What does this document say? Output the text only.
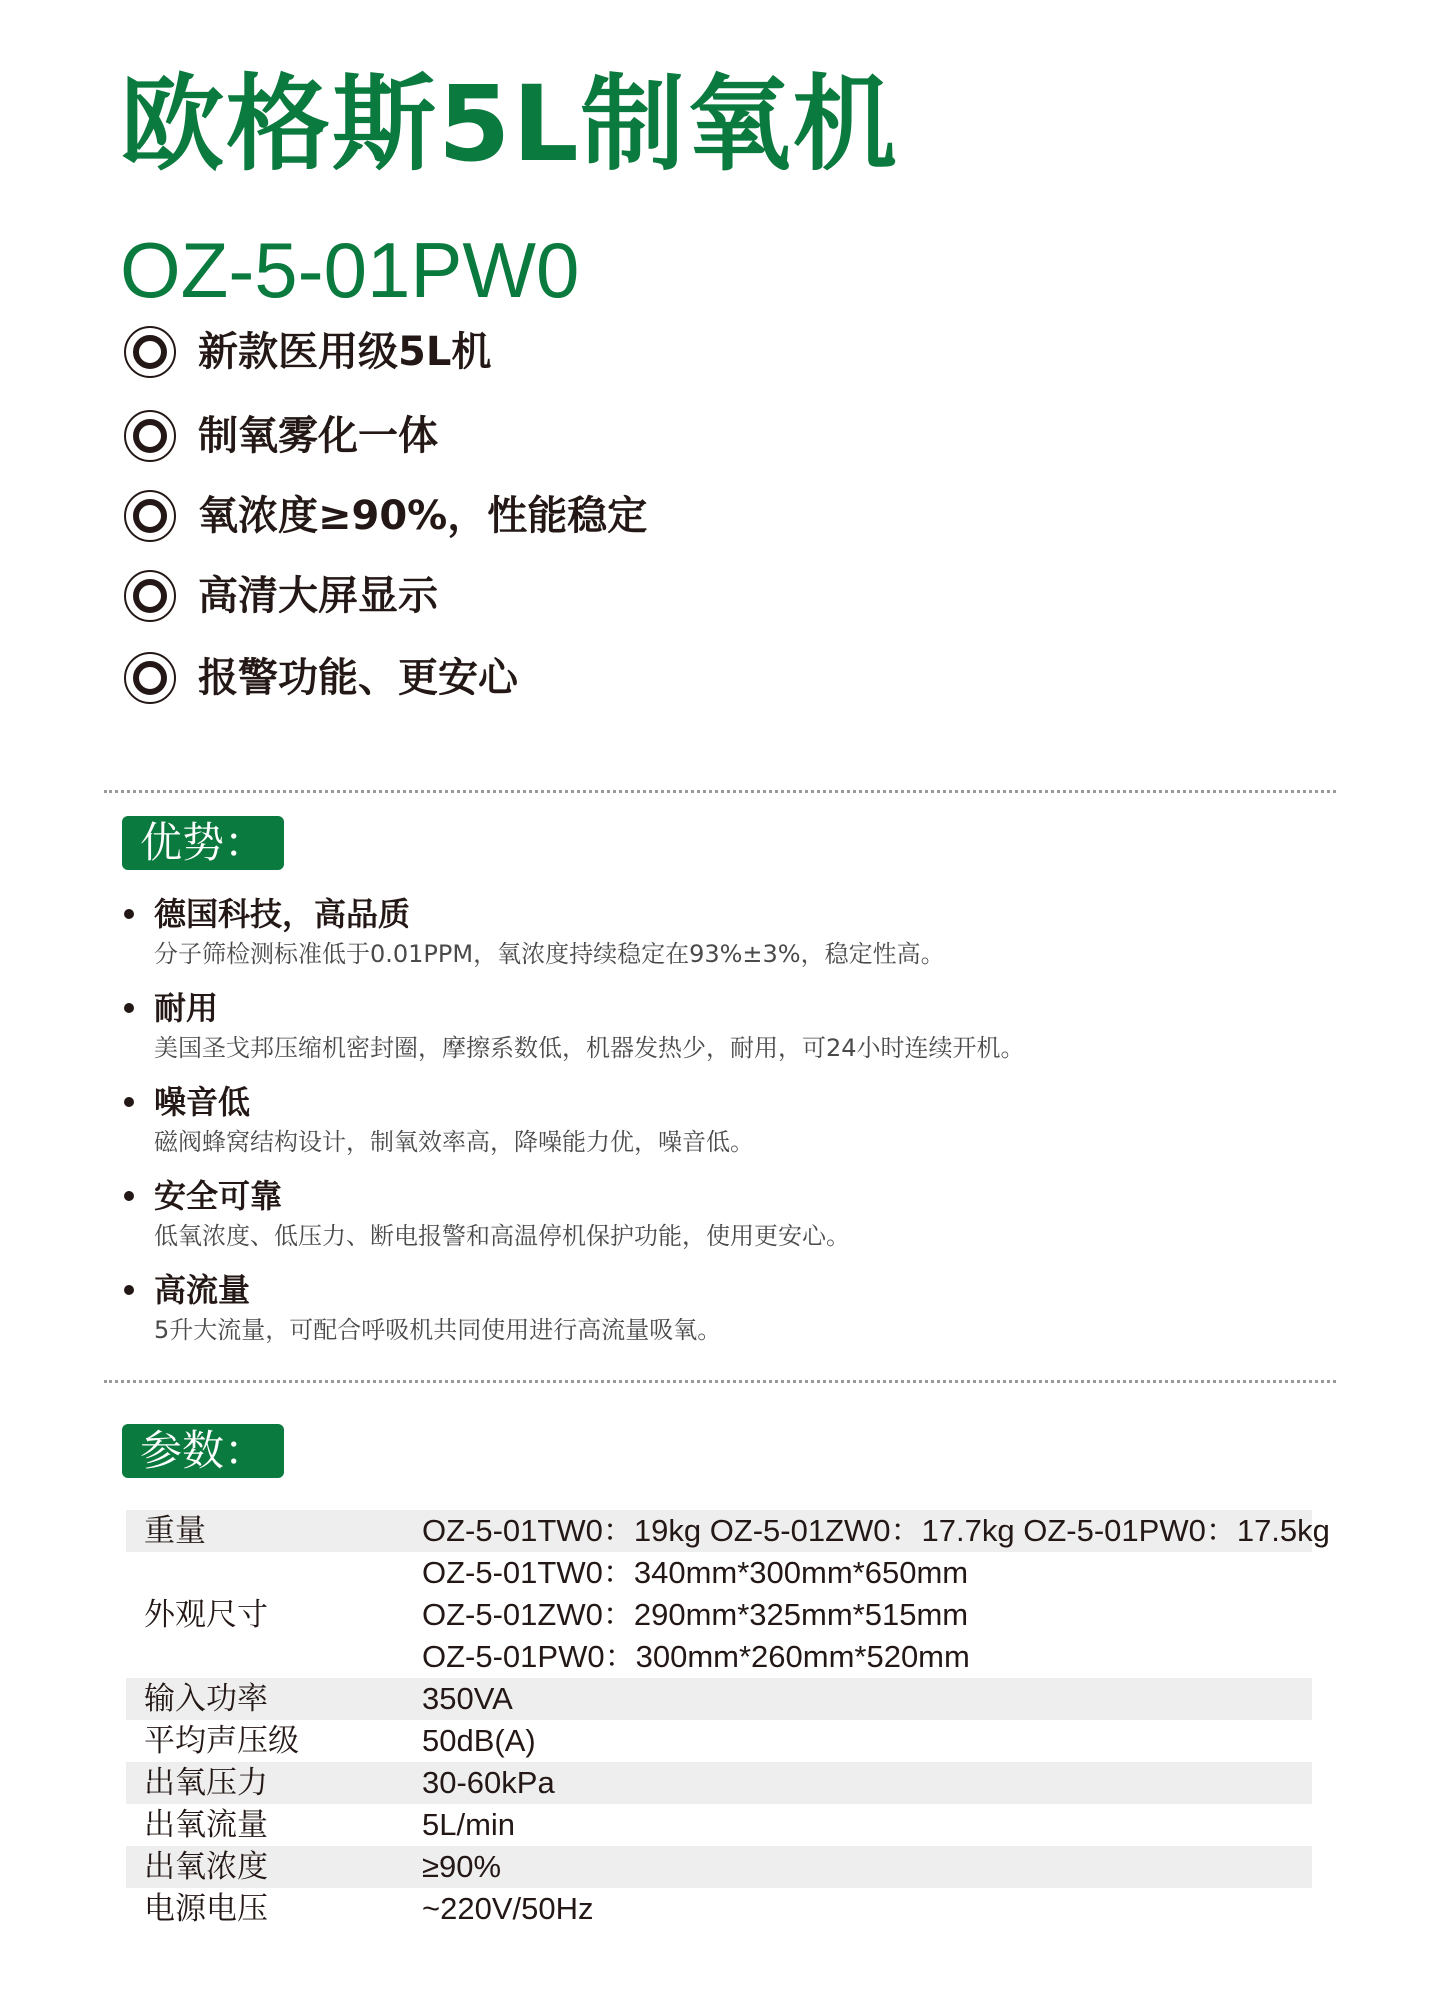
欧格斯5L制氧机
OZ-5-01PW0
新款医用级5L机
制氧雾化一体
氧浓度≥90%，性能稳定
高清大屏显示
报警功能、更安心
优势：
德国科技，高品质
分子筛检测标准低于0.01PPM，氧浓度持续稳定在93%±3%，稳定性高。
耐用
美国圣戈邦压缩机密封圈，摩擦系数低，机器发热少，耐用，可24小时连续开机。
噪音低
磁阀蜂窝结构设计，制氧效率高，降噪能力优，噪音低。
安全可靠
低氧浓度、低压力、断电报警和高温停机保护功能，使用更安心。
高流量
5升大流量，可配合呼吸机共同使用进行高流量吸氧。
参数：
重量	OZ-5-01TW0：19kg OZ-5-01ZW0：17.7kg OZ-5-01PW0：17.5kg
外观尺寸
OZ-5-01TW0：340mm*300mm*650mm
OZ-5-01ZW0：290mm*325mm*515mm
OZ-5-01PW0：300mm*260mm*520mm
输入功率	350VA
平均声压级	50dB(A)
出氧压力	30-60kPa
出氧流量	5L/min
出氧浓度	≥90%
电源电压	~220V/50Hz
